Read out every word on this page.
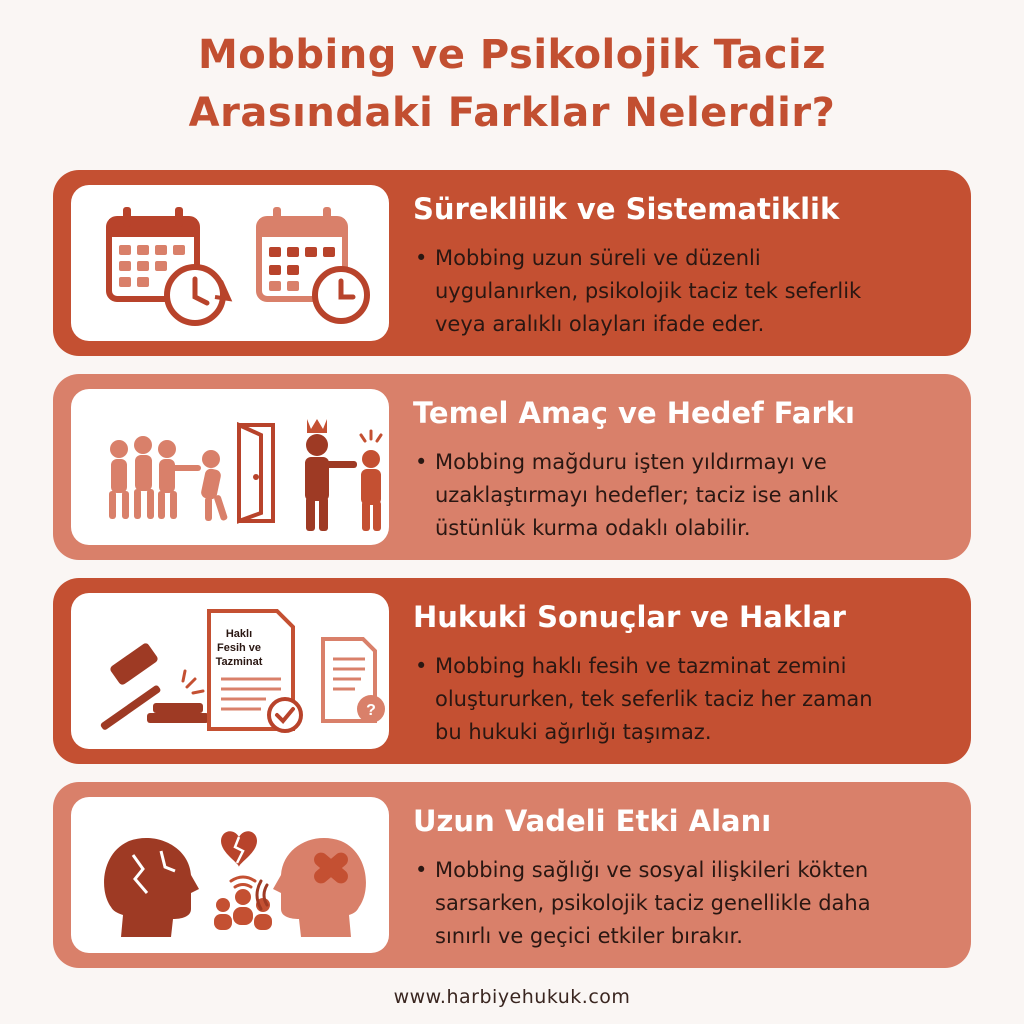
Mobbing ve Psikolojik Taciz
Arasındaki Farklar Nelerdir?
Süreklilik ve Sistematiklik
• Mobbing uzun süreli ve düzenli
uygulanırken, psikolojik taciz tek seferlik
veya aralıklı olayları ifade eder.
Temel Amaç ve Hedef Farkı
• Mobbing mağduru işten yıldırmayı ve
uzaklaştırmayı hedefler; taciz ise anlık
üstünlük kurma odaklı olabilir.
Haklı
Fesih ve
Tazminat
?
Hukuki Sonuçlar ve Haklar
• Mobbing haklı fesih ve tazminat zemini
oluştururken, tek seferlik taciz her zaman
bu hukuki ağırlığı taşımaz.
Uzun Vadeli Etki Alanı
• Mobbing sağlığı ve sosyal ilişkileri kökten
sarsarken, psikolojik taciz genellikle daha
sınırlı ve geçici etkiler bırakır.
www.harbiyehukuk.com
